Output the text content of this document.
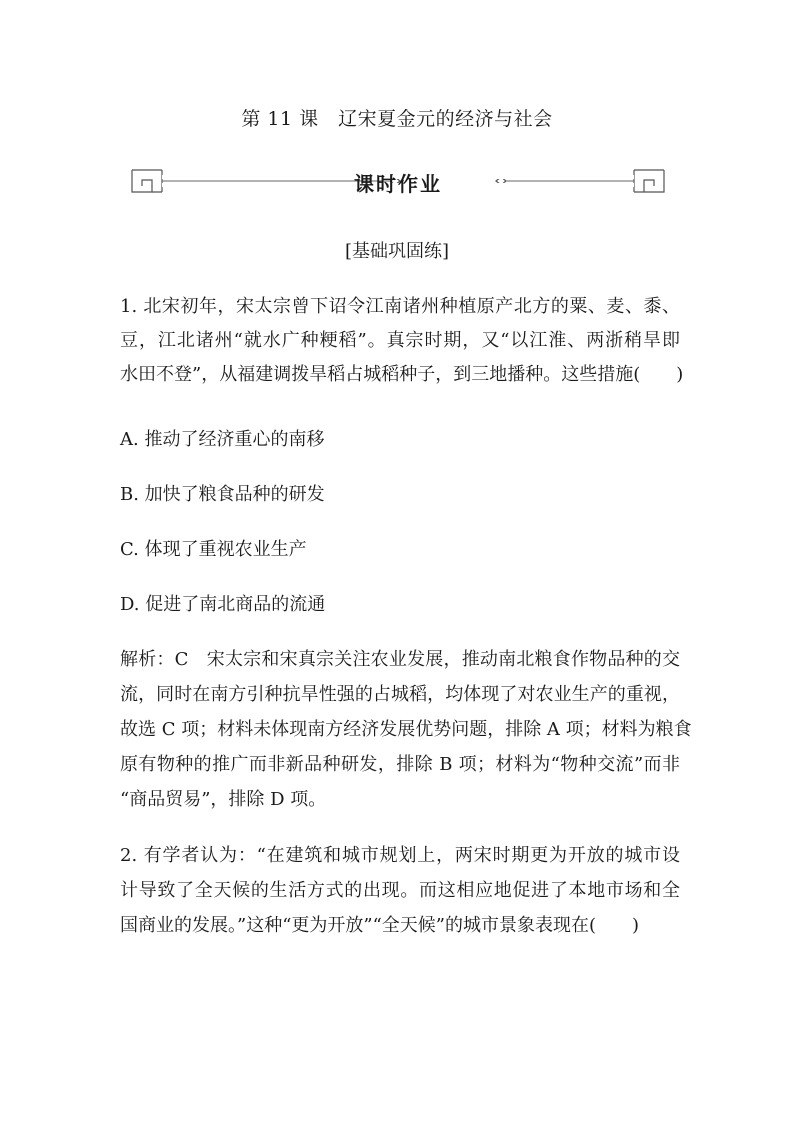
第 11 课　辽宋夏金元的经济与社会
课时作业
[基础巩固练]
1. 北宋初年，宋太宗曾下诏令江南诸州种植原产北方的粟、麦、黍、
豆，江北诸州“就水广种粳稻”。真宗时期，又“以江淮、两浙稍旱即
水田不登”，从福建调拨旱稻占城稻种子，到三地播种。这些措施(　　)
A. 推动了经济重心的南移
B. 加快了粮食品种的研发
C. 体现了重视农业生产
D. 促进了南北商品的流通
解析：C　宋太宗和宋真宗关注农业发展，推动南北粮食作物品种的交
流，同时在南方引种抗旱性强的占城稻，均体现了对农业生产的重视，
故选 C 项；材料未体现南方经济发展优势问题，排除 A 项；材料为粮食
原有物种的推广而非新品种研发，排除 B 项；材料为“物种交流”而非
“商品贸易”，排除 D 项。
2. 有学者认为：“在建筑和城市规划上，两宋时期更为开放的城市设
计导致了全天候的生活方式的出现。而这相应地促进了本地市场和全
国商业的发展。”这种“更为开放”“全天候”的城市景象表现在(　　)
